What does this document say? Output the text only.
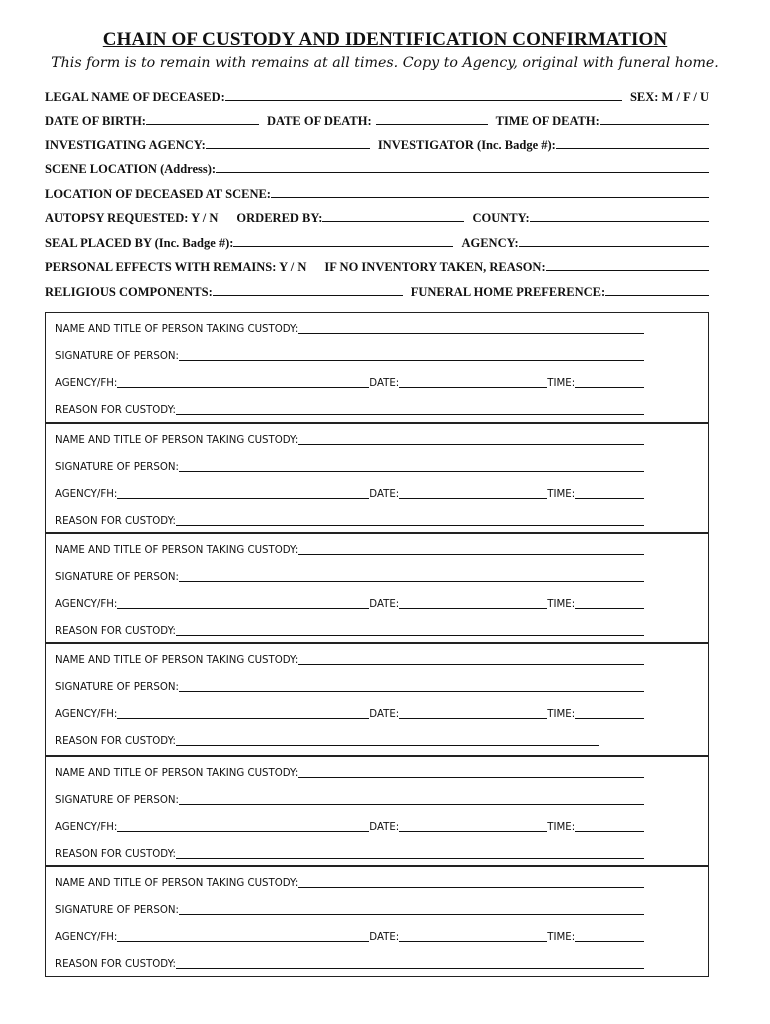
CHAIN OF CUSTODY AND IDENTIFICATION CONFIRMATION
This form is to remain with remains at all times. Copy to Agency, original with funeral home.
LEGAL NAME OF DECEASED:	SEX: M / F / U
DATE OF BIRTH:	DATE OF DEATH:	TIME OF DEATH:
INVESTIGATING AGENCY:	INVESTIGATOR (Inc. Badge #):
SCENE LOCATION (Address):
LOCATION OF DECEASED AT SCENE:
AUTOPSY REQUESTED: Y / N ORDERED BY:	COUNTY:
SEAL PLACED BY (Inc. Badge #):	AGENCY:
PERSONAL EFFECTS WITH REMAINS: Y / N IF NO INVENTORY TAKEN, REASON:
RELIGIOUS COMPONENTS:	FUNERAL HOME PREFERENCE:
NAME AND TITLE OF PERSON TAKING CUSTODY:
SIGNATURE OF PERSON:
AGENCY/FH:	DATE:	TIME:
REASON FOR CUSTODY:
NAME AND TITLE OF PERSON TAKING CUSTODY:
SIGNATURE OF PERSON:
AGENCY/FH:	DATE:	TIME:
REASON FOR CUSTODY:
NAME AND TITLE OF PERSON TAKING CUSTODY:
SIGNATURE OF PERSON:
AGENCY/FH:	DATE:	TIME:
REASON FOR CUSTODY:
NAME AND TITLE OF PERSON TAKING CUSTODY:
SIGNATURE OF PERSON:
AGENCY/FH:	DATE:	TIME:
REASON FOR CUSTODY:
NAME AND TITLE OF PERSON TAKING CUSTODY:
SIGNATURE OF PERSON:
AGENCY/FH:	DATE:	TIME:
REASON FOR CUSTODY:
NAME AND TITLE OF PERSON TAKING CUSTODY:
SIGNATURE OF PERSON:
AGENCY/FH:	DATE:	TIME:
REASON FOR CUSTODY:
